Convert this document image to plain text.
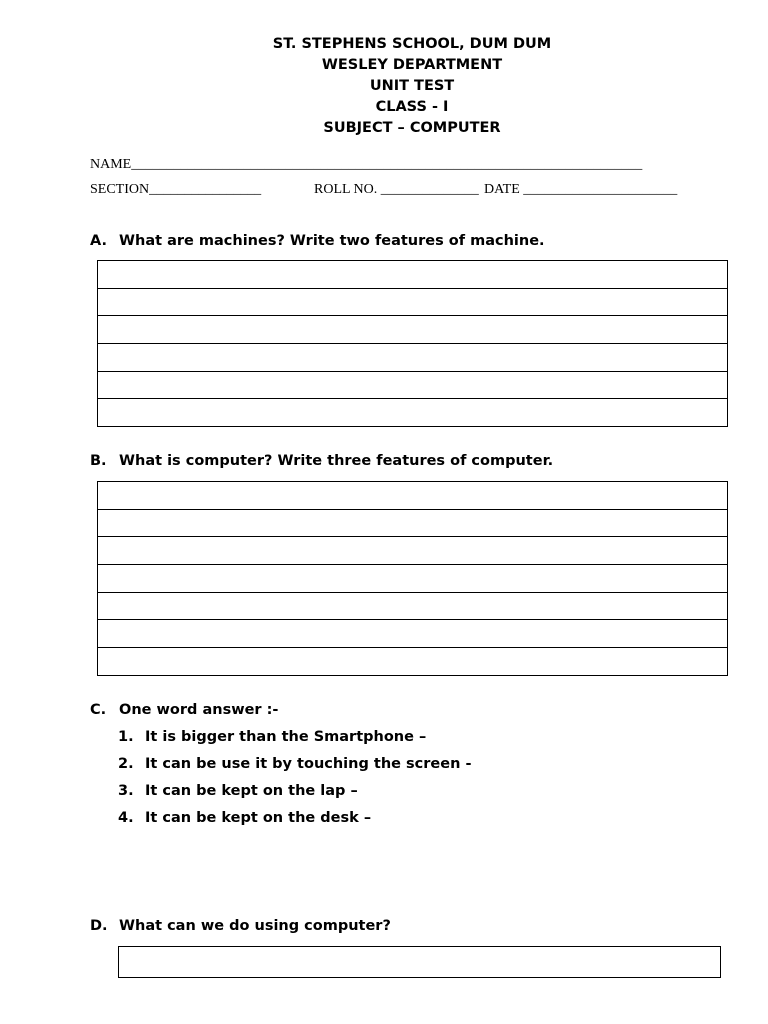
ST. STEPHENS SCHOOL, DUM DUM
WESLEY DEPARTMENT
UNIT TEST
CLASS - I
SUBJECT – COMPUTER
NAME_________________________________________________________________________
SECTION________________	ROLL NO. ______________ DATE ______________________
A. What are machines? Write two features of machine.

B. What is computer? Write three features of computer.

C. One word answer :-
1. It is bigger than the Smartphone –
2. It can be use it by touching the screen -
3. It can be kept on the lap –
4. It can be kept on the desk –
D. What can we do using computer?
